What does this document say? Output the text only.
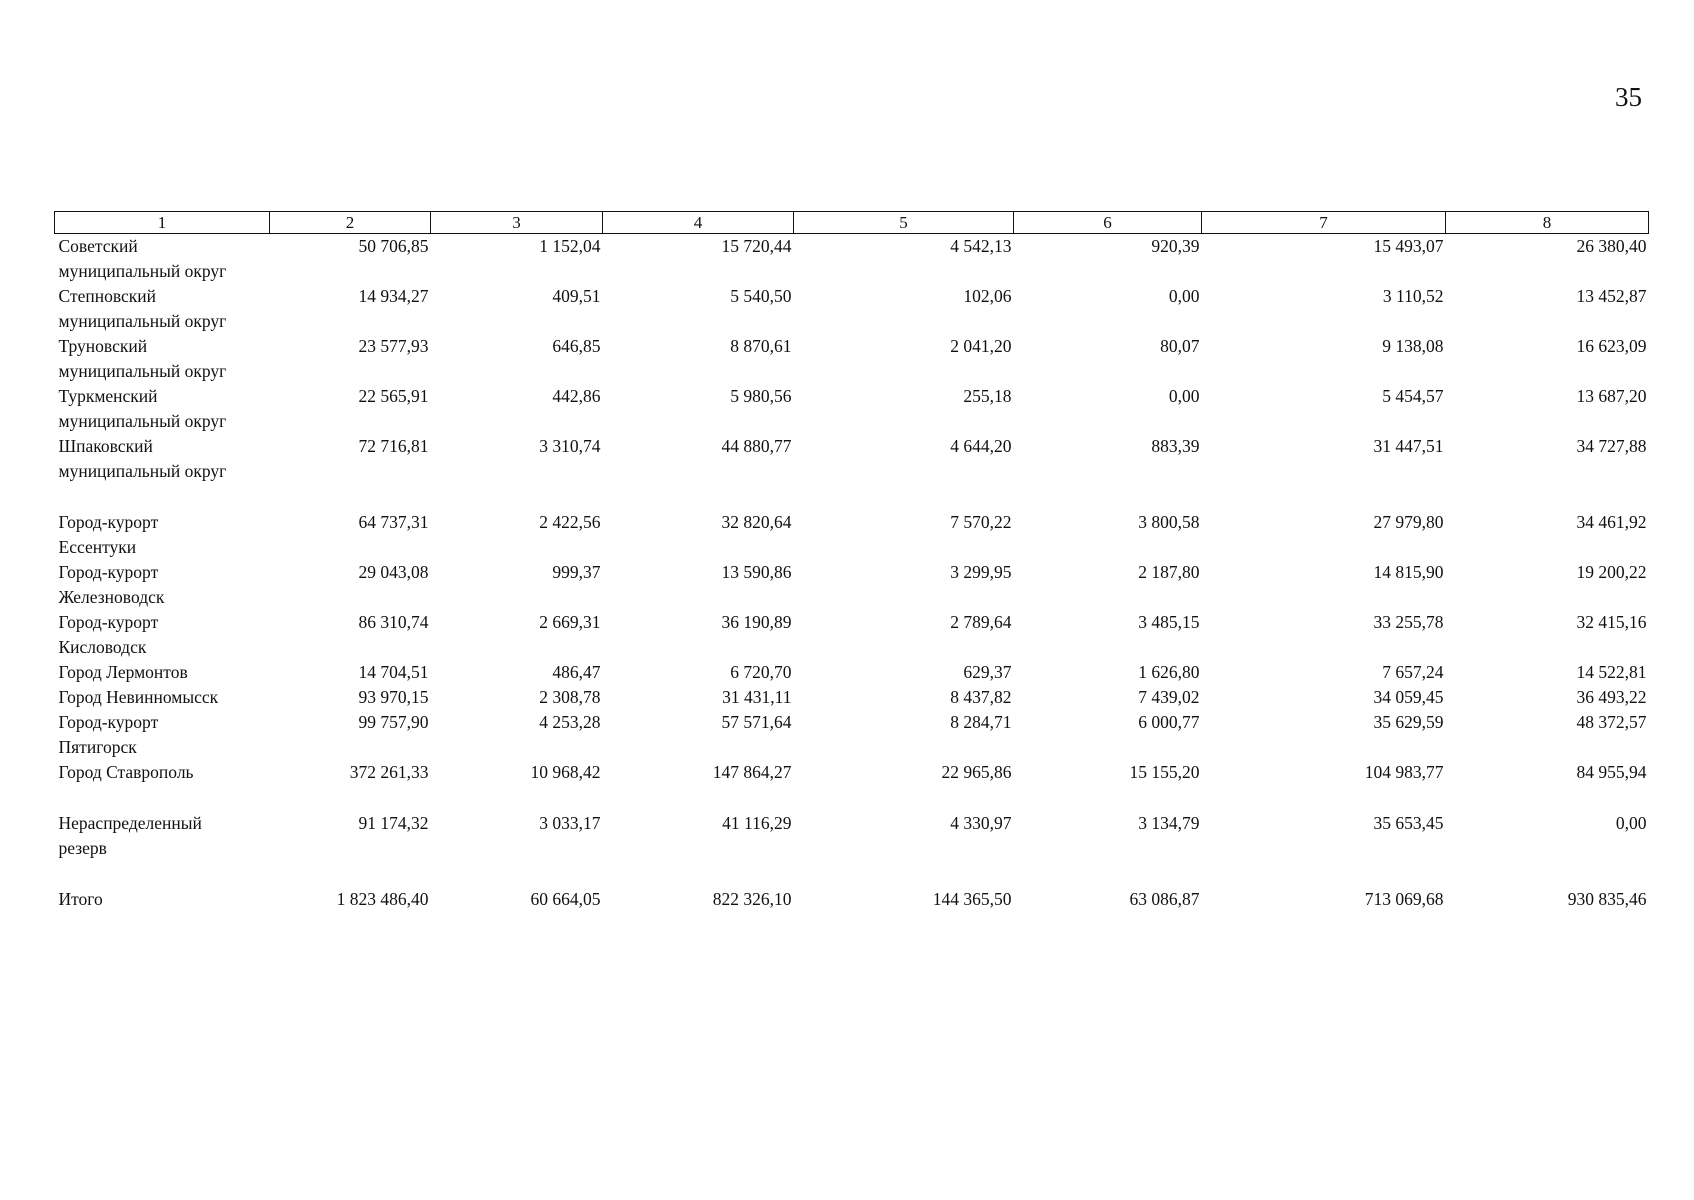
35
1	2	3	4	5	6	7	8
Советский
муниципальный округ	50 706,85	1 152,04	15 720,44	4 542,13	920,39	15 493,07	26 380,40
Степновский
муниципальный округ	14 934,27	409,51	5 540,50	102,06	0,00	3 110,52	13 452,87
Труновский
муниципальный округ	23 577,93	646,85	8 870,61	2 041,20	80,07	9 138,08	16 623,09
Туркменский
муниципальный округ	22 565,91	442,86	5 980,56	255,18	0,00	5 454,57	13 687,20
Шпаковский
муниципальный округ	72 716,81	3 310,74	44 880,77	4 644,20	883,39	31 447,51	34 727,88

Город-курорт
Ессентуки	64 737,31	2 422,56	32 820,64	7 570,22	3 800,58	27 979,80	34 461,92
Город-курорт
Железноводск	29 043,08	999,37	13 590,86	3 299,95	2 187,80	14 815,90	19 200,22
Город-курорт
Кисловодск	86 310,74	2 669,31	36 190,89	2 789,64	3 485,15	33 255,78	32 415,16
Город Лермонтов	14 704,51	486,47	6 720,70	629,37	1 626,80	7 657,24	14 522,81
Город Невинномысск	93 970,15	2 308,78	31 431,11	8 437,82	7 439,02	34 059,45	36 493,22
Город-курорт
Пятигорск	99 757,90	4 253,28	57 571,64	8 284,71	6 000,77	35 629,59	48 372,57
Город Ставрополь	372 261,33	10 968,42	147 864,27	22 965,86	15 155,20	104 983,77	84 955,94

Нераспределенный
резерв	91 174,32	3 033,17	41 116,29	4 330,97	3 134,79	35 653,45	0,00

Итого	1 823 486,40	60 664,05	822 326,10	144 365,50	63 086,87	713 069,68	930 835,46
